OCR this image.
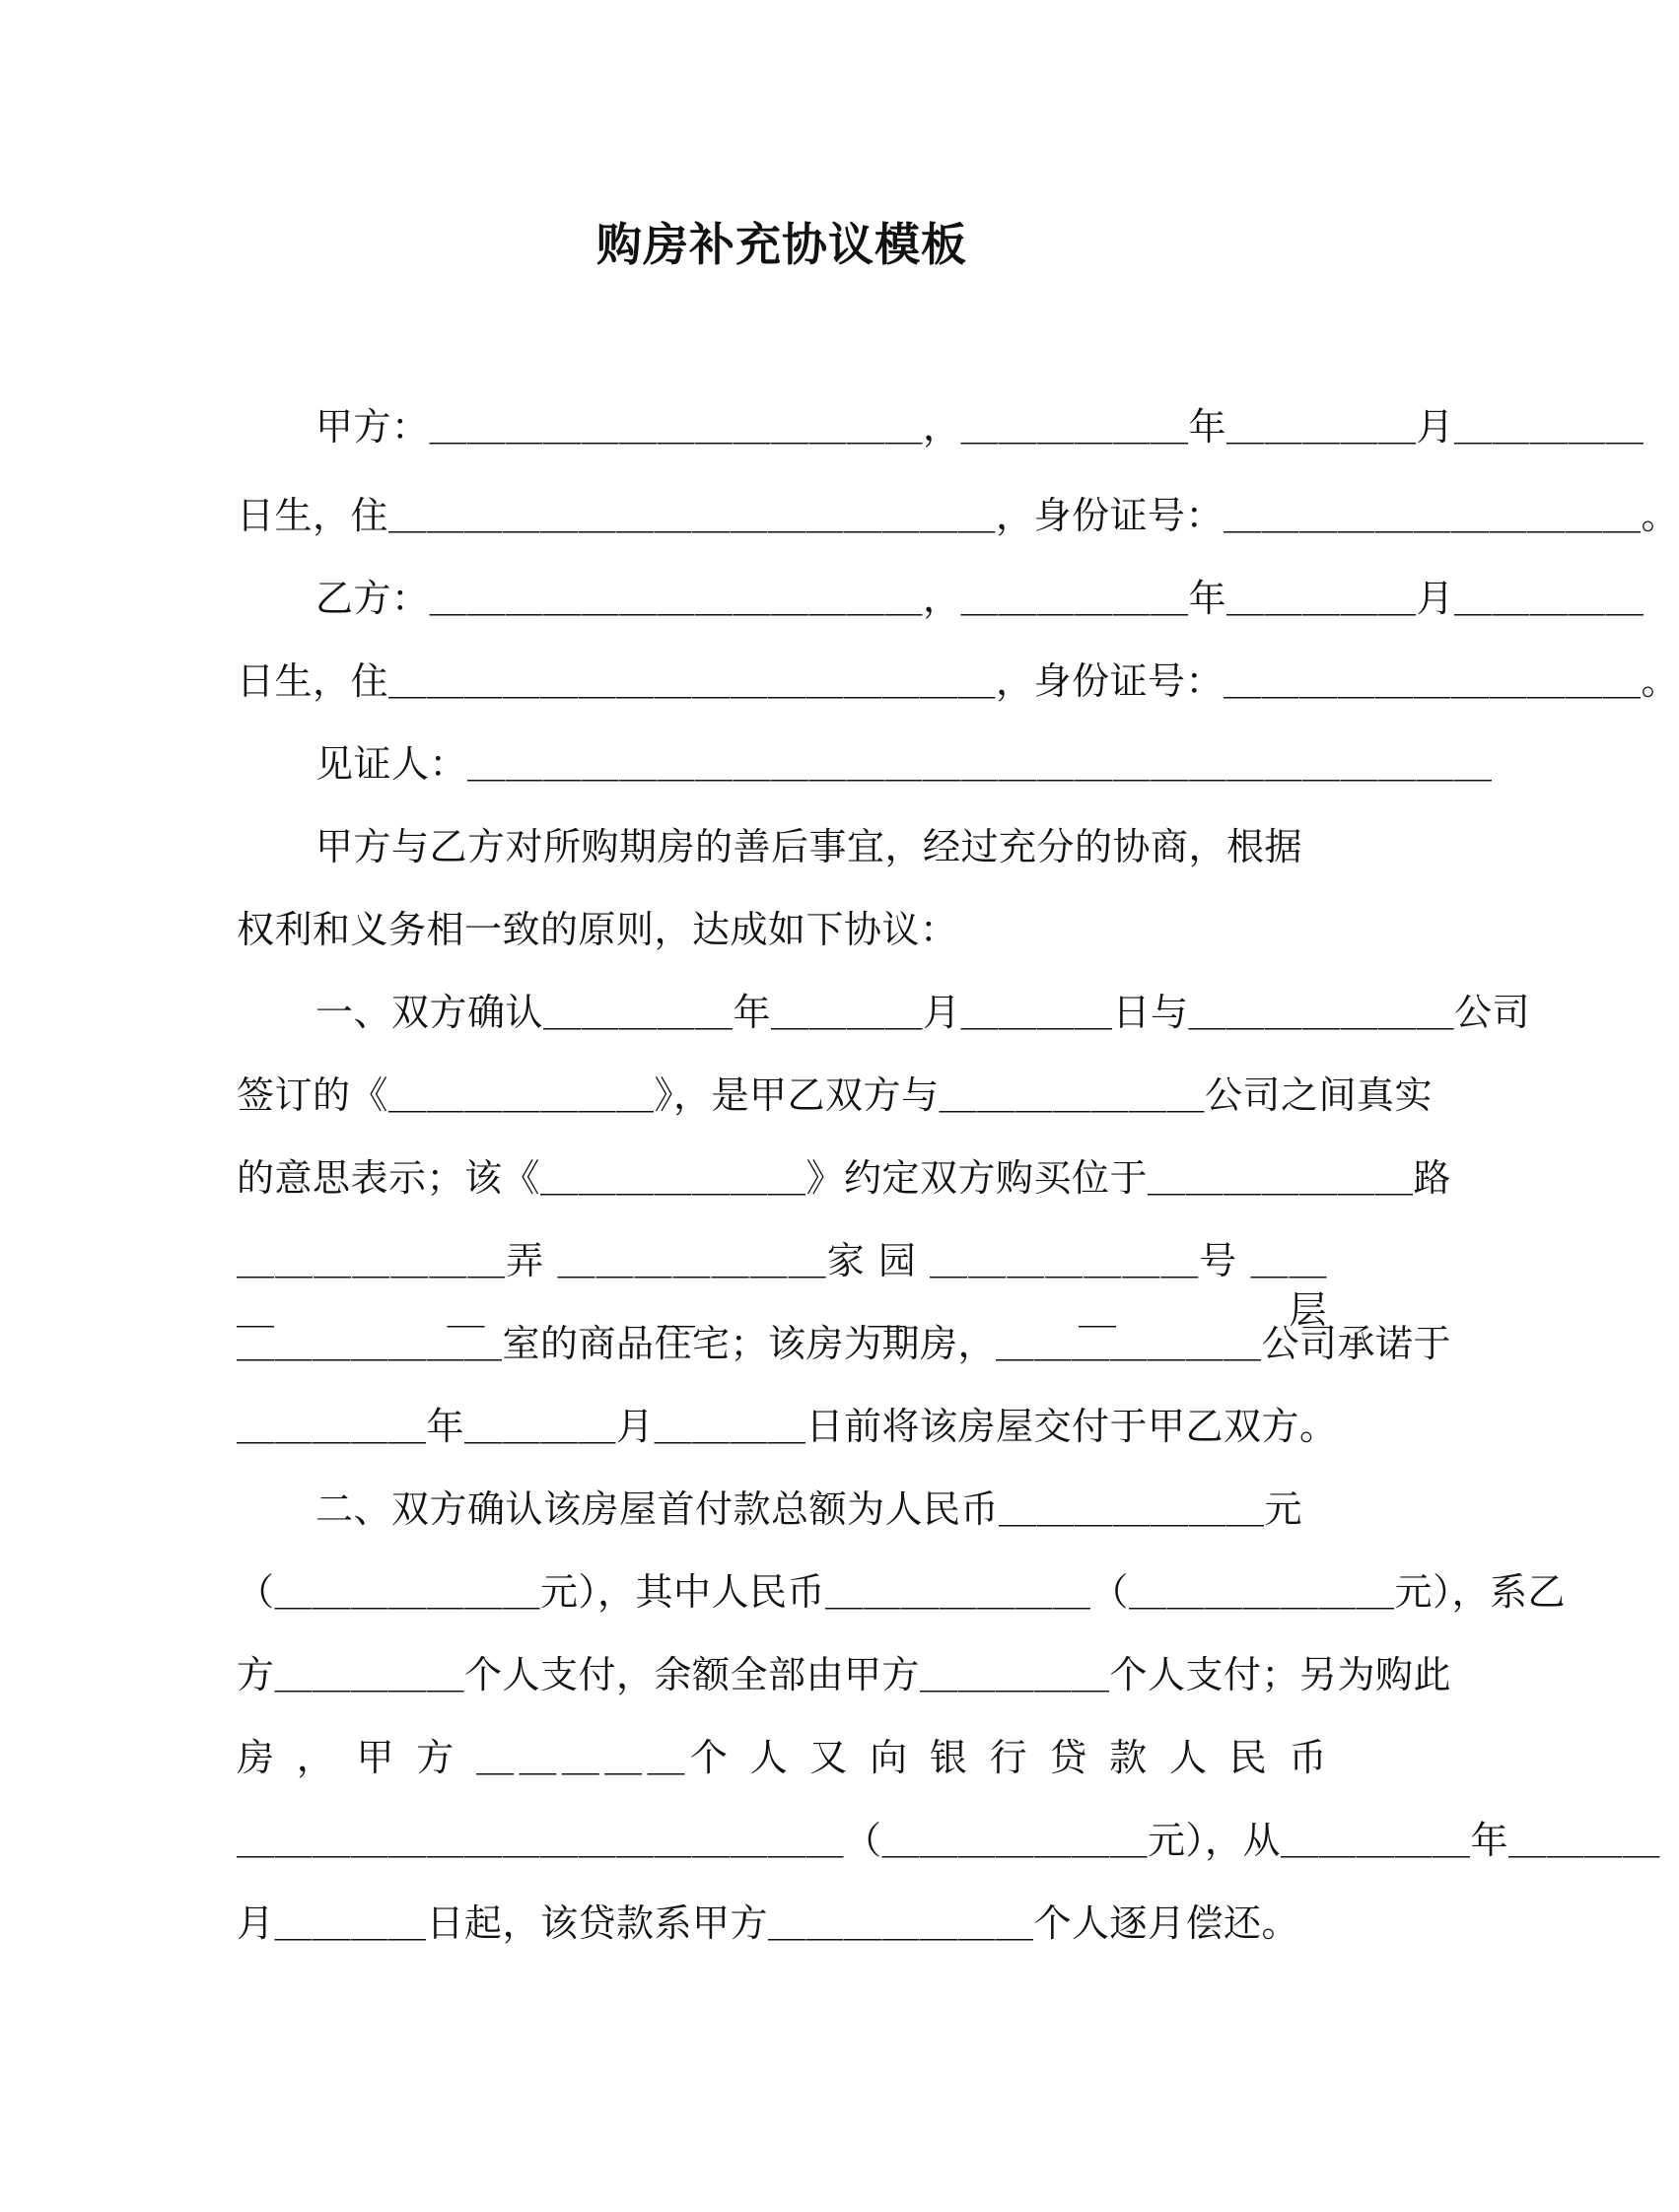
购房补充协议模板
甲方：＿＿＿＿＿＿＿＿＿＿＿＿＿，＿＿＿＿＿＿年＿＿＿＿＿月＿＿＿＿＿
日生，住＿＿＿＿＿＿＿＿＿＿＿＿＿＿＿＿，身份证号：＿＿＿＿＿＿＿＿＿＿＿。
乙方：＿＿＿＿＿＿＿＿＿＿＿＿＿，＿＿＿＿＿＿年＿＿＿＿＿月＿＿＿＿＿
日生，住＿＿＿＿＿＿＿＿＿＿＿＿＿＿＿＿，身份证号：＿＿＿＿＿＿＿＿＿＿＿。
见证人：＿＿＿＿＿＿＿＿＿＿＿＿＿＿＿＿＿＿＿＿＿＿＿＿＿＿＿
甲方与乙方对所购期房的善后事宜，经过充分的协商，根据
权利和义务相一致的原则，达成如下协议：
一、双方确认＿＿＿＿＿年＿＿＿＿月＿＿＿＿日与＿＿＿＿＿＿＿公司
签订的《＿＿＿＿＿＿＿》，是甲乙双方与＿＿＿＿＿＿＿公司之间真实
的意思表示；该《＿＿＿＿＿＿＿》约定双方购买位于＿＿＿＿＿＿＿路
＿＿＿＿＿＿＿弄 ＿＿＿＿＿＿＿家 园 ＿＿＿＿＿＿＿号 ＿＿＿＿＿＿＿层
＿＿＿＿＿＿＿室的商品住宅；该房为期房，＿＿＿＿＿＿＿公司承诺于
＿＿＿＿＿年＿＿＿＿月＿＿＿＿日前将该房屋交付于甲乙双方。
二、双方确认该房屋首付款总额为人民币＿＿＿＿＿＿＿元
（＿＿＿＿＿＿＿元），其中人民币＿＿＿＿＿＿＿（＿＿＿＿＿＿＿元），系乙
方＿＿＿＿＿个人支付，余额全部由甲方＿＿＿＿＿个人支付；另为购此
房 ， 甲 方 ＿＿＿＿＿个 人 又 向 银 行 贷 款 人 民 币
＿＿＿＿＿＿＿＿＿＿＿＿＿＿＿＿（＿＿＿＿＿＿＿元），从＿＿＿＿＿年＿＿＿＿
月＿＿＿＿日起，该贷款系甲方＿＿＿＿＿＿＿个人逐月偿还。
